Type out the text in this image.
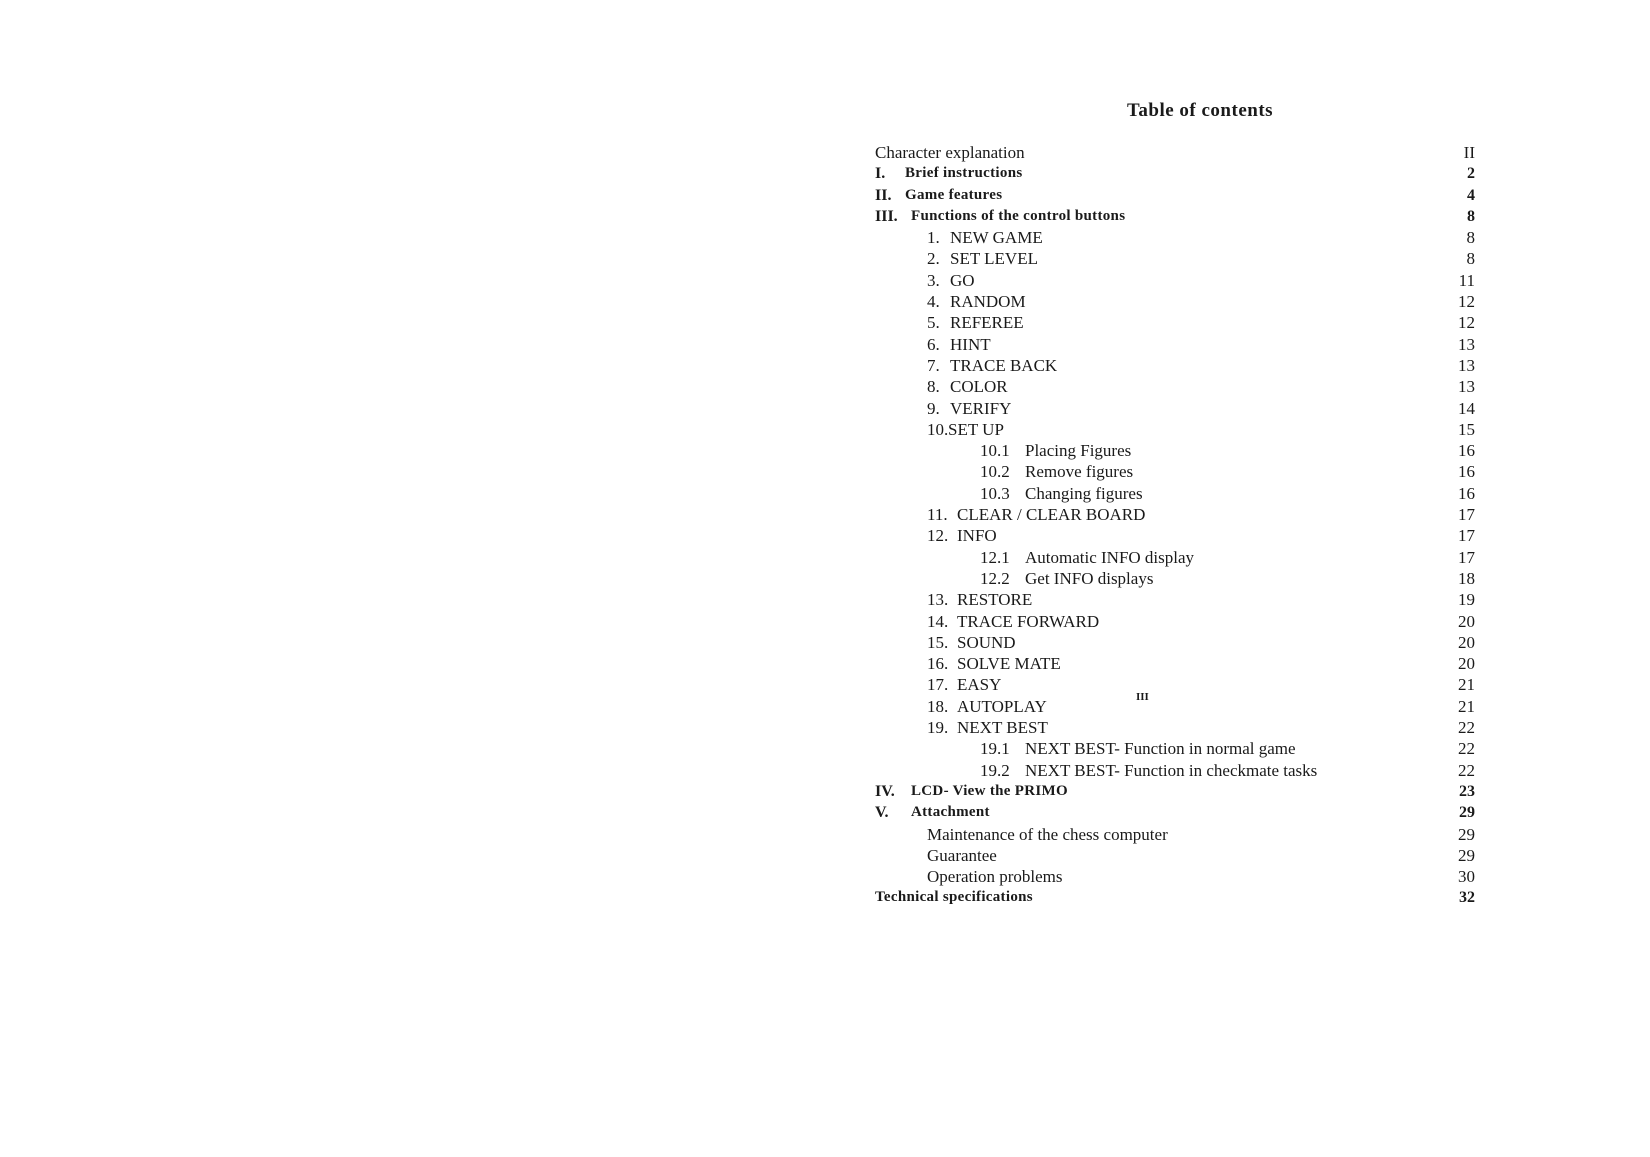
Table of contents
Character explanation	II
I. Brief instructions	2
II. Game features	4
III. Functions of the control buttons	8
1. NEW GAME	8
2. SET LEVEL	8
3. GO	11
4. RANDOM	12
5. REFEREE	12
6. HINT	13
7. TRACE BACK	13
8. COLOR	13
9. VERIFY	14
10. SET UP	15
10.1 Placing Figures	16
10.2 Remove figures	16
10.3 Changing figures	16
11. CLEAR / CLEAR BOARD	17
12. INFO	17
12.1 Automatic INFO display	17
12.2 Get INFO displays	18
13. RESTORE	19
14. TRACE FORWARD	20
15. SOUND	20
16. SOLVE MATE	20
17. EASY	21
18. AUTOPLAY	21
19. NEXT BEST	22
19.1 NEXT BEST- Function in normal game	22
19.2 NEXT BEST- Function in checkmate tasks	22
IV. LCD- View the PRIMO	23
V. Attachment	29
Maintenance of the chess computer	29
Guarantee	29
Operation problems	30
Technical specifications	32
III
